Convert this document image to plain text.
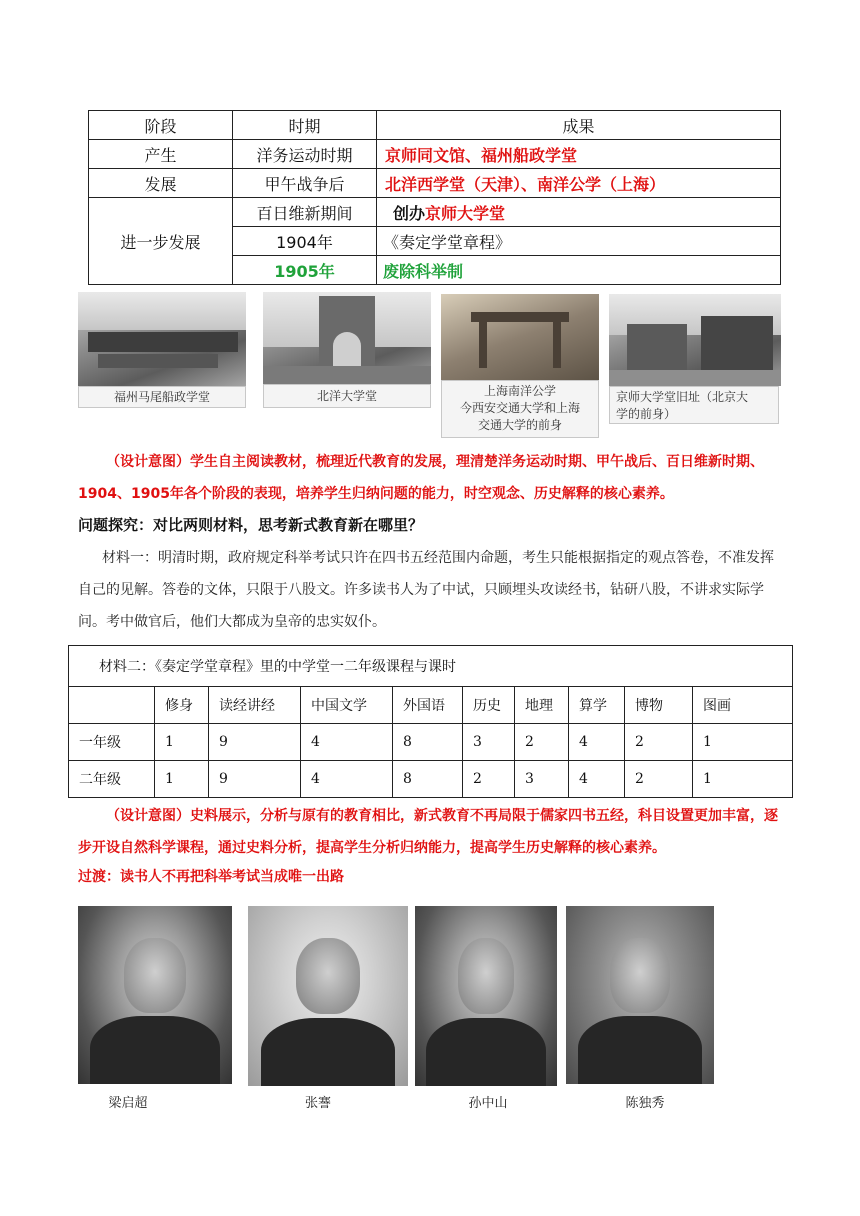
阶段	时期	成果
产生	洋务运动时期	京师同文馆、福州船政学堂
发展	甲午战争后	北洋西学堂（天津）、南洋公学（上海）
进一步发展	百日维新期间	创办京师大学堂
	1904年	《奏定学堂章程》
	1905年	废除科举制
福州马尾船政学堂	北洋大学堂	上海南洋公学
今西安交通大学和上海
交通大学的前身
京师大学堂旧址（北京大
学的前身）
（设计意图）学生自主阅读教材，梳理近代教育的发展，理清楚洋务运动时期、甲午战后、百日维新时期、1904、1905年各个阶段的表现，培养学生归纳问题的能力，时空观念、历史解释的核心素养。
问题探究：对比两则材料，思考新式教育新在哪里？
材料一：明清时期，政府规定科举考试只许在四书五经范围内命题，考生只能根据指定的观点答卷，不准发挥自己的见解。答卷的文体，只限于八股文。许多读书人为了中试，只顾埋头攻读经书，钻研八股，不讲求实际学问。考中做官后，他们大都成为皇帝的忠实奴仆。
材料二：《奏定学堂章程》里的中学堂一二年级课程与课时									
	修身	读经讲经	中国文学	外国语	历史	地理	算学	博物	图画
一年级	1	9	4	8	3	2	4	2	1
二年级	1	9	4	8	2	3	4	2	1
（设计意图）史料展示，分析与原有的教育相比，新式教育不再局限于儒家四书五经，科目设置更加丰富，逐步开设自然科学课程，通过史料分析，提高学生分析归纳能力，提高学生历史解释的核心素养。
过渡：读书人不再把科举考试当成唯一出路
梁启超	张謇	孙中山	陈独秀
